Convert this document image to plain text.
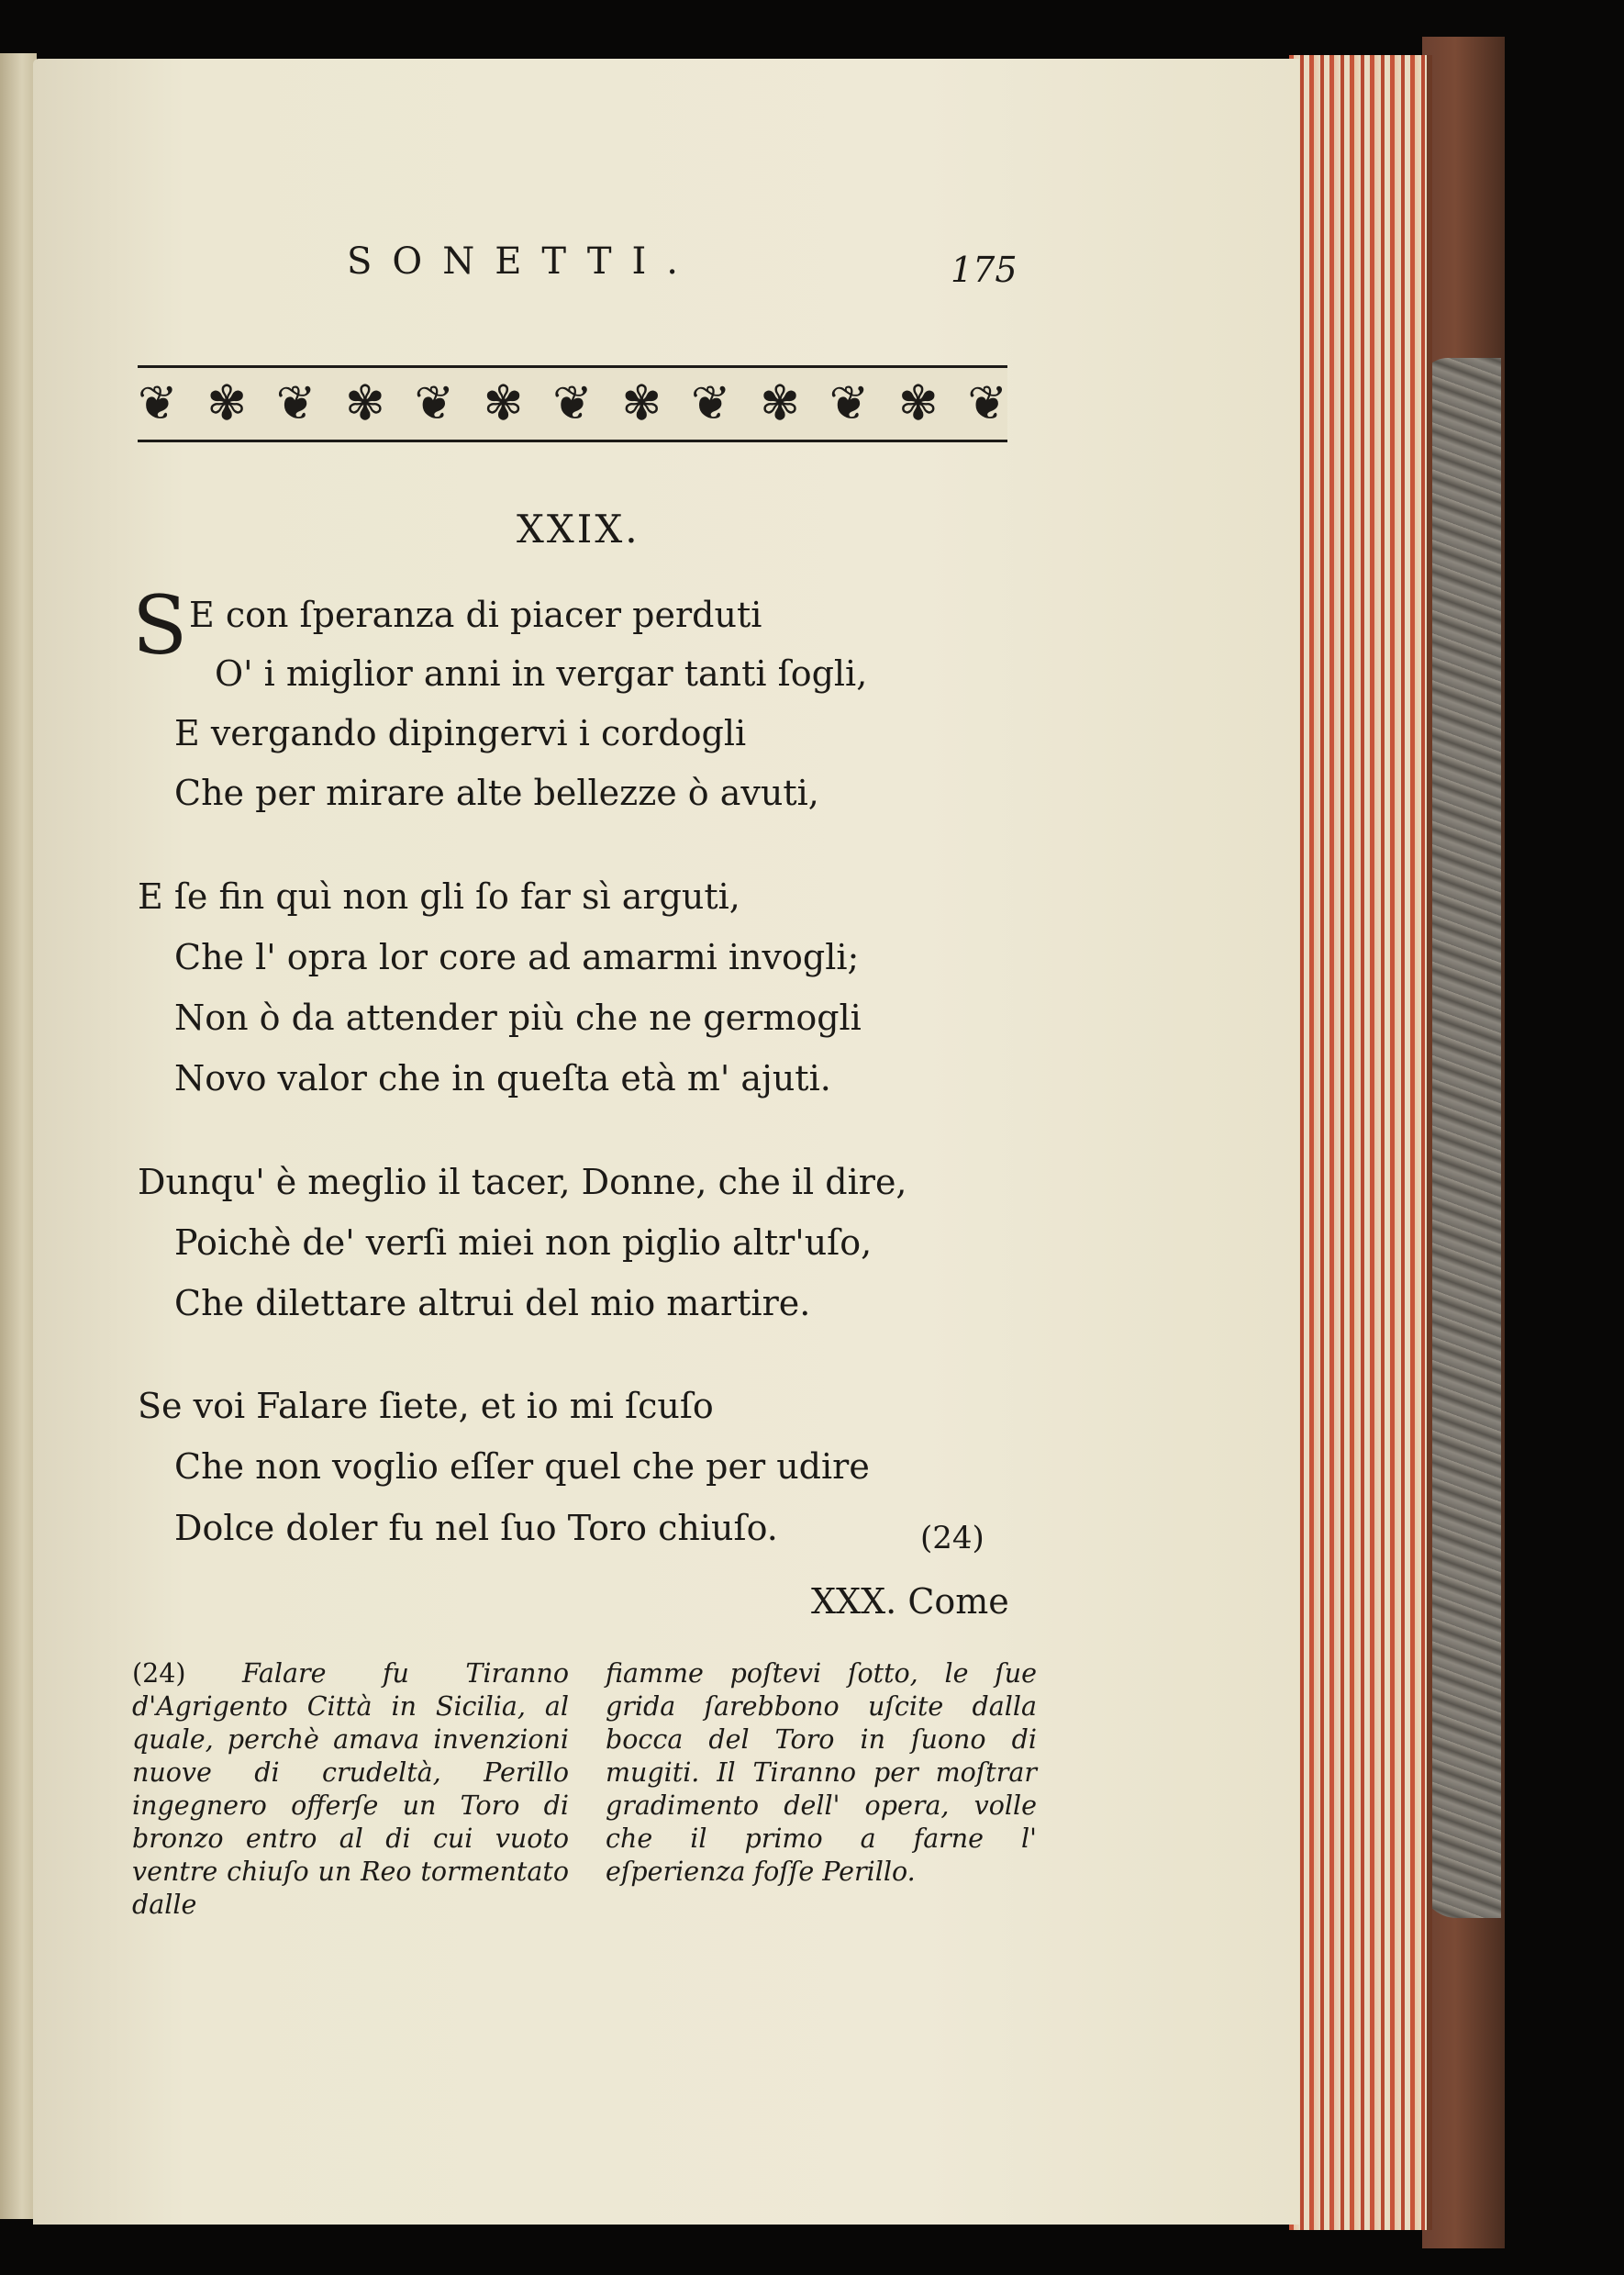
SONETTI.	175
❦ ✾ ❦ ✾ ❦ ✾ ❦ ✾ ❦ ✾ ❦ ✾ ❦
XXIX.
S E con ſperanza di piacer perduti
O' i miglior anni in vergar tanti ſogli,
E vergando dipingervi i cordogli
Che per mirare alte bellezze ò avuti,
E ſe fin quì non gli ſo far sì arguti,
Che l' opra lor core ad amarmi invogli;
Non ò da attender più che ne germogli
Novo valor che in queſta età m' ajuti.
Dunqu' è meglio il tacer, Donne, che il dire,
Poichè de' verſi miei non piglio altr'uſo,
Che dilettare altrui del mio martire.
Se voi Falare ſiete, et io mi ſcuſo
Che non voglio eſſer quel che per udire
Dolce doler fu nel ſuo Toro chiuſo.	(24)
XXX. Come
(24) Falare fu Tiranno d'Agrigento Città in Sicilia, al quale, perchè amava invenzioni nuove di crudeltà, Perillo ingegnero offerſe un Toro di bronzo entro al di cui vuoto ventre chiuſo un Reo tormentato dalle
fiamme poſtevi ſotto, le ſue grida ſarebbono uſcite dalla bocca del Toro in ſuono di mugiti. Il Tiranno per moſtrar gradimento dell' opera, volle che il primo a farne l' eſperienza foſſe Perillo.
